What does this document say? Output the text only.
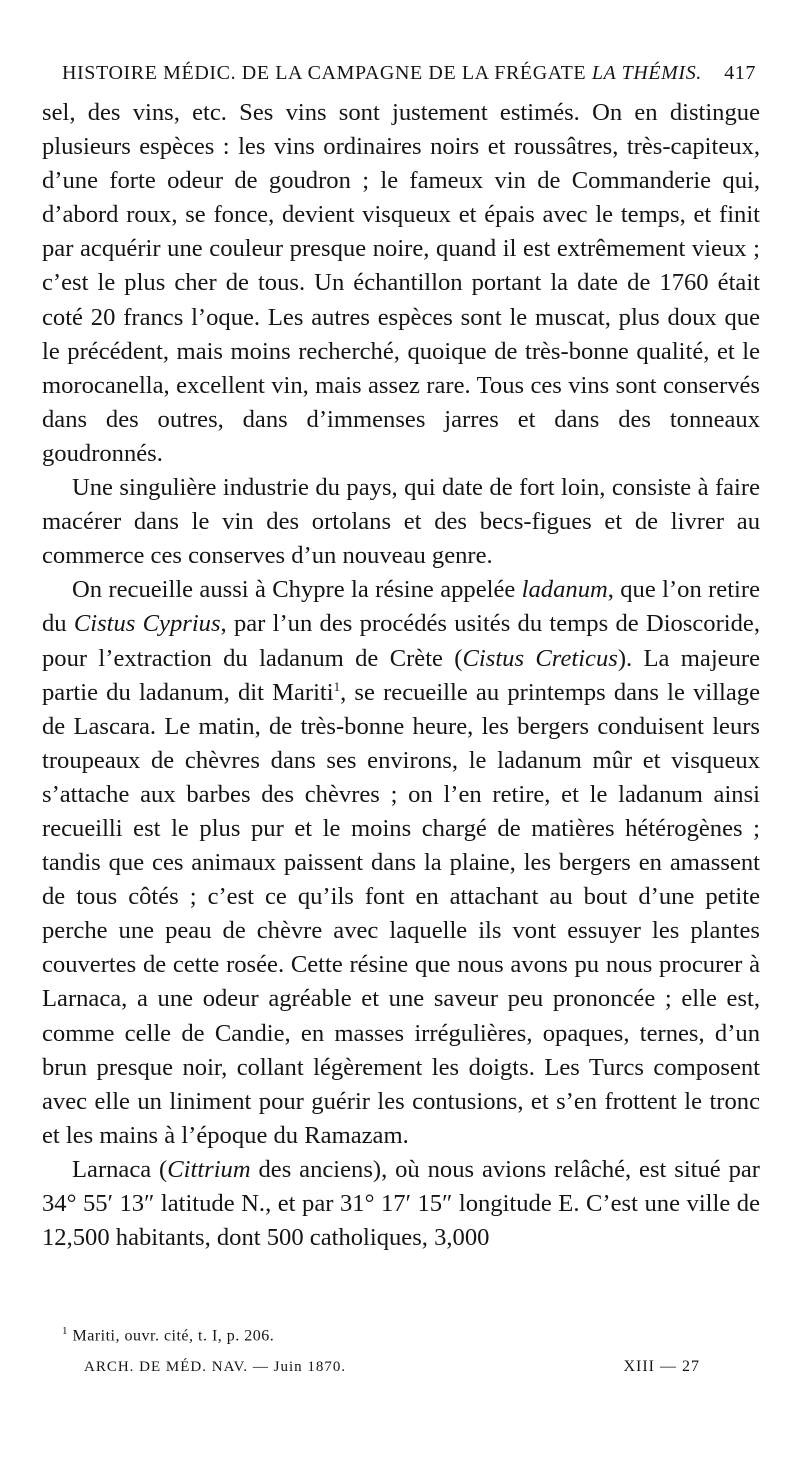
HISTOIRE MÉDIC. DE LA CAMPAGNE DE LA FRÉGATE LA THÉMIS. 417

sel, des vins, etc. Ses vins sont justement estimés. On en distingue plusieurs espèces : les vins ordinaires noirs et roussâtres, très-capiteux, d’une forte odeur de goudron ; le fameux vin de Commanderie qui, d’abord roux, se fonce, devient visqueux et épais avec le temps, et finit par acquérir une couleur presque noire, quand il est extrêmement vieux ; c’est le plus cher de tous. Un échantillon portant la date de 1760 était coté 20 francs l’oque. Les autres espèces sont le muscat, plus doux que le précédent, mais moins recherché, quoique de très-bonne qualité, et le morocanella, excellent vin, mais assez rare. Tous ces vins sont conservés dans des outres, dans d’immenses jarres et dans des tonneaux goudronnés.

Une singulière industrie du pays, qui date de fort loin, consiste à faire macérer dans le vin des ortolans et des becs-figues et de livrer au commerce ces conserves d’un nouveau genre.

On recueille aussi à Chypre la résine appelée ladanum, que l’on retire du Cistus Cyprius, par l’un des procédés usités du temps de Dioscoride, pour l’extraction du ladanum de Crète (Cistus Creticus). La majeure partie du ladanum, dit Mariti$^1$, se recueille au printemps dans le village de Lascara. Le matin, de très-bonne heure, les bergers conduisent leurs troupeaux de chèvres dans ses environs, le ladanum mûr et visqueux s’attache aux barbes des chèvres ; on l’en retire, et le ladanum ainsi recueilli est le plus pur et le moins chargé de matières hétérogènes ; tandis que ces animaux paissent dans la plaine, les bergers en amassent de tous côtés ; c’est ce qu’ils font en attachant au bout d’une petite perche une peau de chèvre avec laquelle ils vont essuyer les plantes couvertes de cette rosée. Cette résine que nous avons pu nous procurer à Larnaca, a une odeur agréable et une saveur peu prononcée ; elle est, comme celle de Candie, en masses irrégulières, opaques, ternes, d’un brun presque noir, collant légèrement les doigts. Les Turcs composent avec elle un liniment pour guérir les contusions, et s’en frottent le tronc et les mains à l’époque du Ramazam.

Larnaca (Cittrium des anciens), où nous avions relâché, est situé par 34° 55′ 13″ latitude N., et par 31° 17′ 15″ longitude E. C’est une ville de 12,500 habitants, dont 500 catholiques, 3,000

$^1$ Mariti, ouvr. cité, t. I, p. 206.
ARCH. DE MÉD. NAV. — Juin 1870.	XIII — 27
